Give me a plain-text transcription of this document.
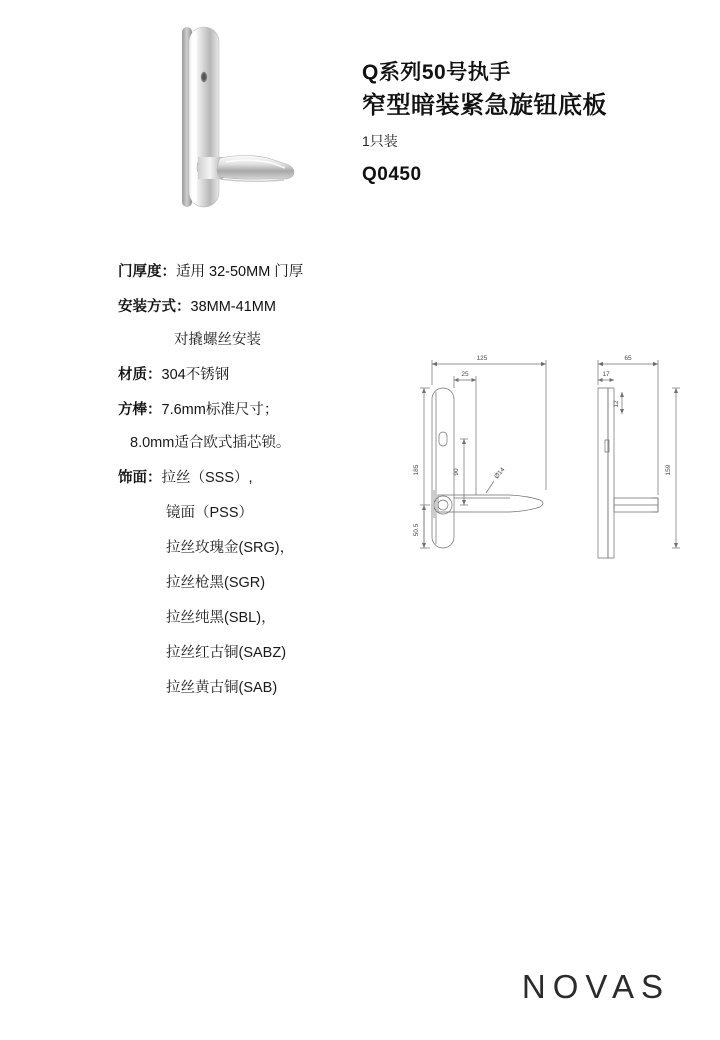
Q系列50号执手
窄型暗装紧急旋钮底板
1只装
Q0450
门厚度：适用 32-50MM 门厚
安装方式：38MM-41MM
对撬螺丝安装
材质：304不锈钢
方棒：7.6mm标准尺寸；
8.0mm适合欧式插芯锁。
饰面：拉丝（SSS）,
镜面（PSS）
拉丝玫瑰金(SRG)，
拉丝枪黑(SGR)
拉丝纯黑(SBL)，
拉丝红古铜(SABZ)
拉丝黄古铜(SAB)
125
25
185	90
50.5
Ø14
65
17
12
159
NOVAS
